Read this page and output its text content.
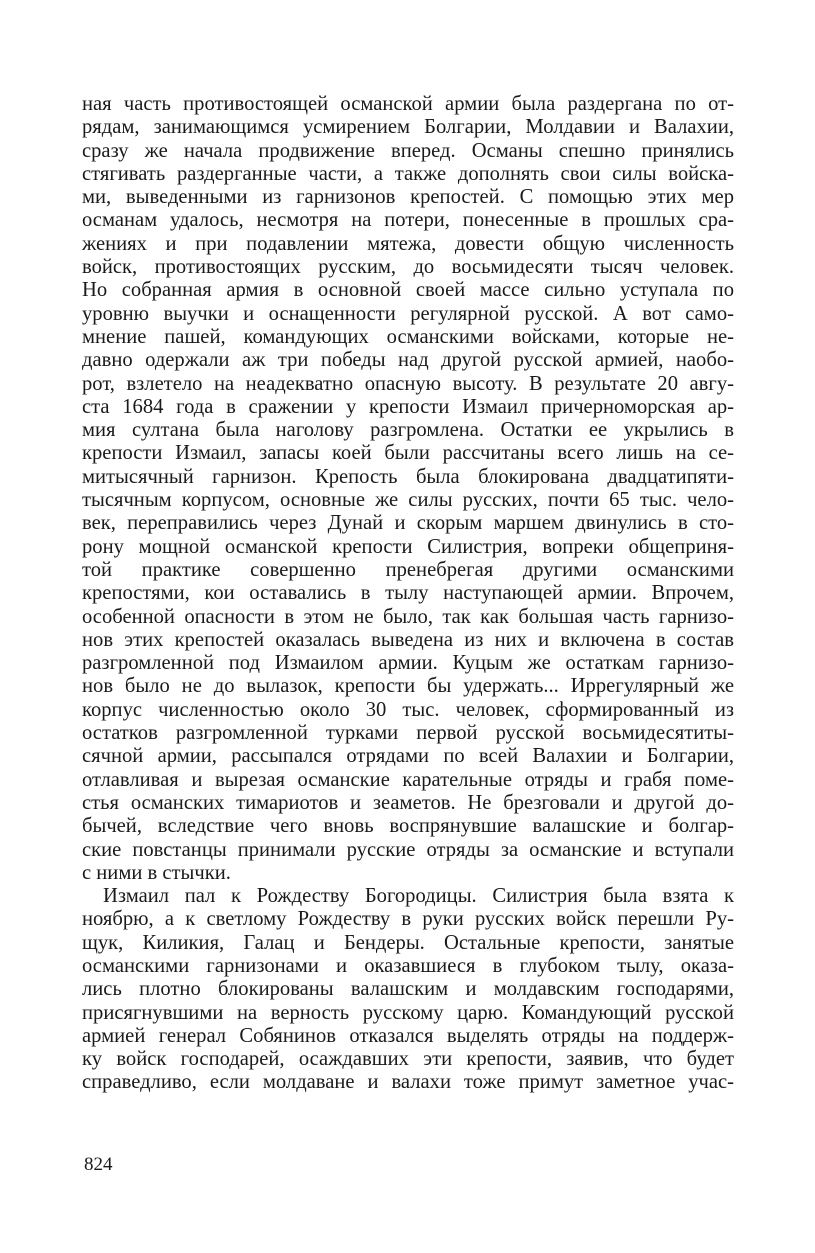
ная часть противостоящей османской армии была раздергана по от-
рядам, занимающимся усмирением Болгарии, Молдавии и Валахии,
сразу же начала продвижение вперед. Османы спешно принялись
стягивать раздерганные части, а также дополнять свои силы войска-
ми, выведенными из гарнизонов крепостей. С помощью этих мер
османам удалось, несмотря на потери, понесенные в прошлых сра-
жениях и при подавлении мятежа, довести общую численность
войск, противостоящих русским, до восьмидесяти тысяч человек.
Но собранная армия в основной своей массе сильно уступала по
уровню выучки и оснащенности регулярной русской. А вот само-
мнение пашей, командующих османскими войсками, которые не-
давно одержали аж три победы над другой русской армией, наобо-
рот, взлетело на неадекватно опасную высоту. В результате 20 авгу-
ста 1684 года в сражении у крепости Измаил причерноморская ар-
мия султана была наголову разгромлена. Остатки ее укрылись в
крепости Измаил, запасы коей были рассчитаны всего лишь на се-
митысячный гарнизон. Крепость была блокирована двадцатипяти-
тысячным корпусом, основные же силы русских, почти 65 тыс. чело-
век, переправились через Дунай и скорым маршем двинулись в сто-
рону мощной османской крепости Силистрия, вопреки общеприня-
той практике совершенно пренебрегая другими османскими
крепостями, кои оставались в тылу наступающей армии. Впрочем,
особенной опасности в этом не было, так как большая часть гарнизо-
нов этих крепостей оказалась выведена из них и включена в состав
разгромленной под Измаилом армии. Куцым же остаткам гарнизо-
нов было не до вылазок, крепости бы удержать... Иррегулярный же
корпус численностью около 30 тыс. человек, сформированный из
остатков разгромленной турками первой русской восьмидесятиты-
сячной армии, рассыпался отрядами по всей Валахии и Болгарии,
отлавливая и вырезая османские карательные отряды и грабя поме-
стья османских тимариотов и зеаметов. Не брезговали и другой до-
бычей, вследствие чего вновь воспрянувшие валашские и болгар-
ские повстанцы принимали русские отряды за османские и вступали
с ними в стычки.
Измаил пал к Рождеству Богородицы. Силистрия была взята к
ноябрю, а к светлому Рождеству в руки русских войск перешли Ру-
щук, Киликия, Галац и Бендеры. Остальные крепости, занятые
османскими гарнизонами и оказавшиеся в глубоком тылу, оказа-
лись плотно блокированы валашским и молдавским господарями,
присягнувшими на верность русскому царю. Командующий русской
армией генерал Собянинов отказался выделять отряды на поддерж-
ку войск господарей, осаждавших эти крепости, заявив, что будет
справедливо, если молдаване и валахи тоже примут заметное учас-
824
